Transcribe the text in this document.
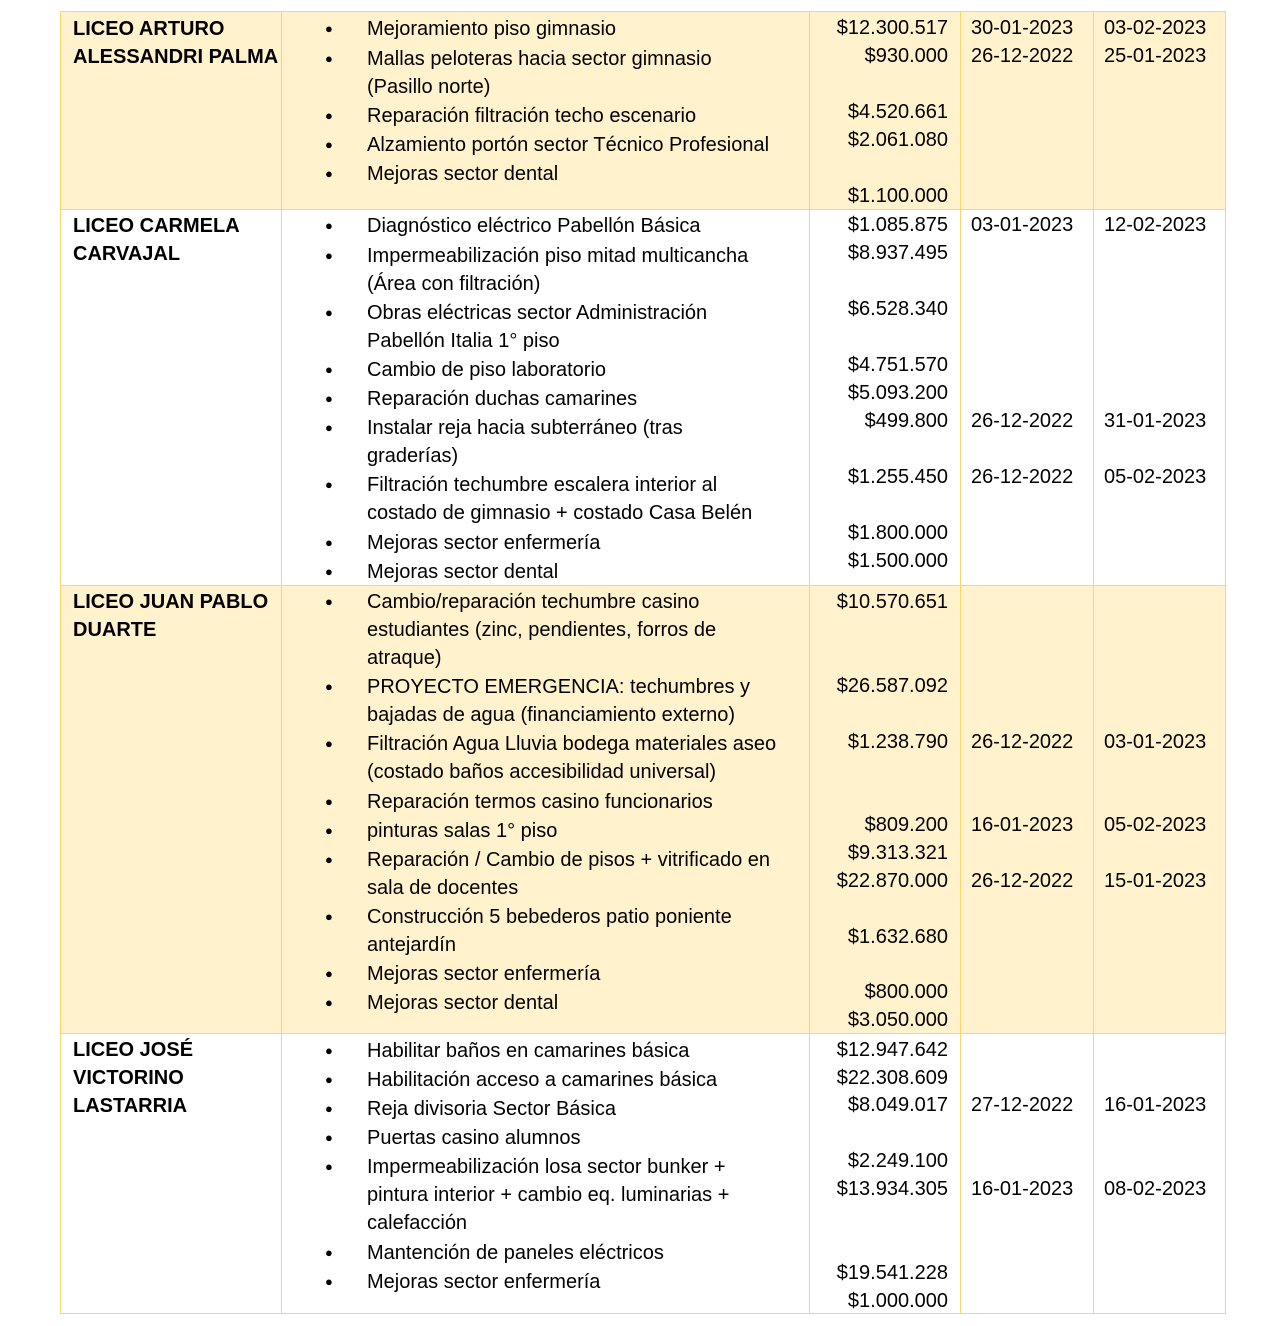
LICEO ARTURO
ALESSANDRI PALMA
● Mejoramiento piso gimnasio
● Mallas peloteras hacia sector gimnasio
(Pasillo norte)
● Reparación filtración techo escenario
● Alzamiento portón sector Técnico Profesional
● Mejoras sector dental
$12.300.517
$930.000
$4.520.661
$2.061.080
$1.100.000
30-01-2023 03-02-2023
26-12-2022 25-01-2023
LICEO CARMELA
CARVAJAL
● Diagnóstico eléctrico Pabellón Básica
● Impermeabilización piso mitad multicancha
(Área con filtración)
● Obras eléctricas sector Administración
Pabellón Italia 1° piso
● Cambio de piso laboratorio
● Reparación duchas camarines
● Instalar reja hacia subterráneo (tras
graderías)
● Filtración techumbre escalera interior al
costado de gimnasio + costado Casa Belén
● Mejoras sector enfermería
● Mejoras sector dental
$1.085.875
$8.937.495
$6.528.340
$4.751.570
$5.093.200
$499.800
$1.255.450
$1.800.000
$1.500.000
03-01-2023 12-02-2023
26-12-2022 31-01-2023
26-12-2022 05-02-2023
LICEO JUAN PABLO
DUARTE
● Cambio/reparación techumbre casino
estudiantes (zinc, pendientes, forros de
atraque)
● PROYECTO EMERGENCIA: techumbres y
bajadas de agua (financiamiento externo)
● Filtración Agua Lluvia bodega materiales aseo
(costado baños accesibilidad universal)
● Reparación termos casino funcionarios
● pinturas salas 1° piso
● Reparación / Cambio de pisos + vitrificado en
sala de docentes
● Construcción 5 bebederos patio poniente
antejardín
● Mejoras sector enfermería
● Mejoras sector dental
$10.570.651
$26.587.092
$1.238.790
$809.200
$9.313.321
$22.870.000
$1.632.680
$800.000
$3.050.000
26-12-2022 03-01-2023
16-01-2023 05-02-2023
26-12-2022 15-01-2023
LICEO JOSÉ
VICTORINO
LASTARRIA
● Habilitar baños en camarines básica
● Habilitación acceso a camarines básica
● Reja divisoria Sector Básica
● Puertas casino alumnos
● Impermeabilización losa sector bunker +
pintura interior + cambio eq. luminarias +
calefacción
● Mantención de paneles eléctricos
● Mejoras sector enfermería
$12.947.642
$22.308.609
$8.049.017
$2.249.100
$13.934.305
$19.541.228
$1.000.000
27-12-2022 16-01-2023
16-01-2023 08-02-2023
